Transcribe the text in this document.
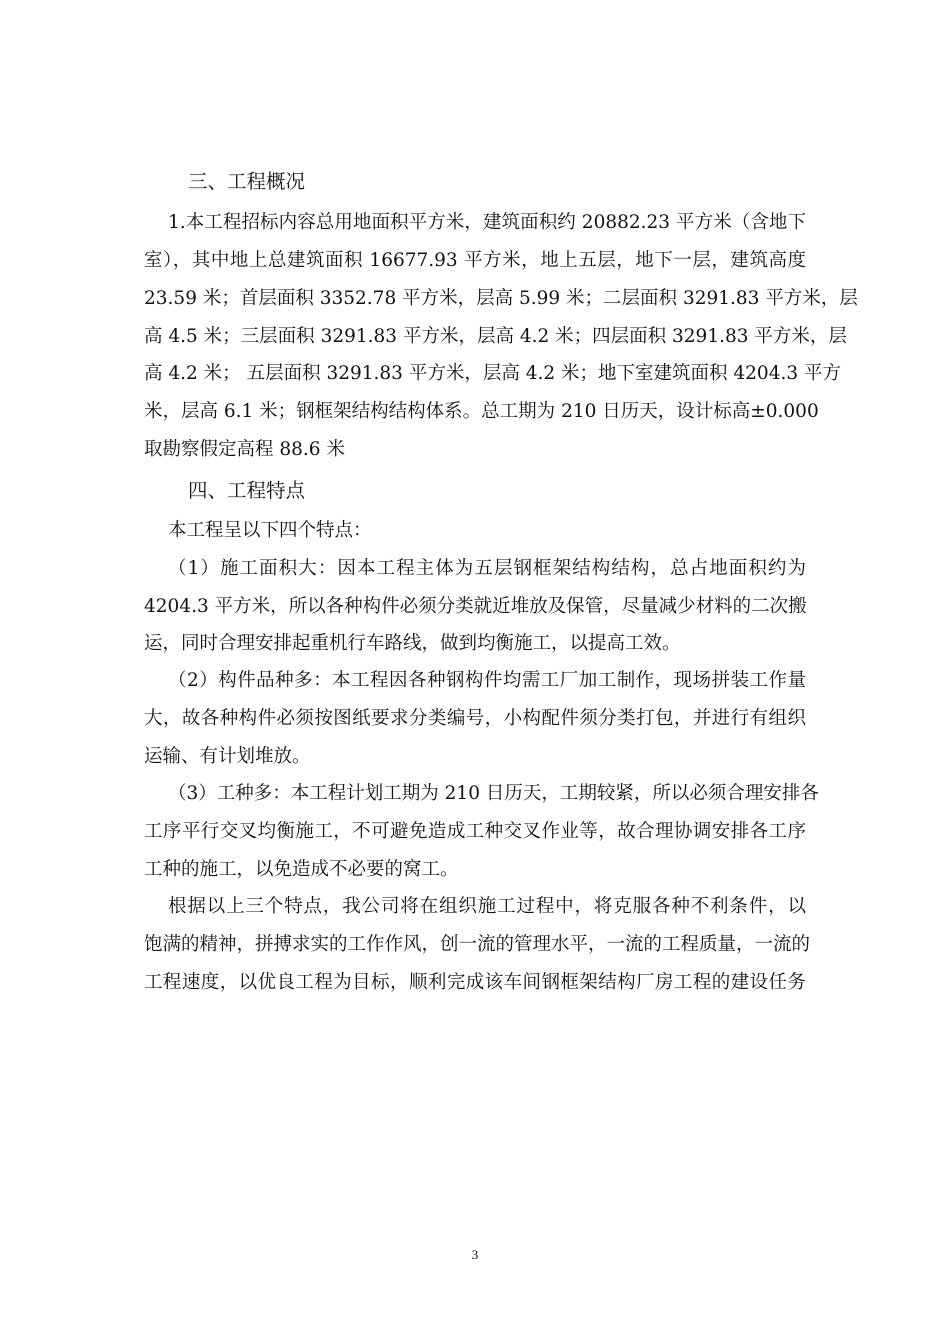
三、工程概况
1.本工程招标内容总用地面积平方米，建筑面积约 20882.23 平方米（含地下
室），其中地上总建筑面积 16677.93 平方米，地上五层，地下一层，建筑高度
23.59 米；首层面积 3352.78 平方米，层高 5.99 米；二层面积 3291.83 平方米，层
高 4.5 米；三层面积 3291.83 平方米，层高 4.2 米；四层面积 3291.83 平方米，层
高 4.2 米； 五层面积 3291.83 平方米，层高 4.2 米；地下室建筑面积 4204.3 平方
米，层高 6.1 米；钢框架结构结构体系。总工期为 210 日历天，设计标高±0.000
取勘察假定高程 88.6 米
四、工程特点
本工程呈以下四个特点：
（1）施工面积大：因本工程主体为五层钢框架结构结构，总占地面积约为
4204.3 平方米，所以各种构件必须分类就近堆放及保管，尽量减少材料的二次搬
运，同时合理安排起重机行车路线，做到均衡施工，以提高工效。
（2）构件品种多：本工程因各种钢构件均需工厂加工制作，现场拼装工作量
大，故各种构件必须按图纸要求分类编号，小构配件须分类打包，并进行有组织
运输、有计划堆放。
（3）工种多：本工程计划工期为 210 日历天，工期较紧，所以必须合理安排各
工序平行交叉均衡施工，不可避免造成工种交叉作业等，故合理协调安排各工序
工种的施工，以免造成不必要的窝工。
根据以上三个特点，我公司将在组织施工过程中，将克服各种不利条件，以
饱满的精神，拼搏求实的工作作风，创一流的管理水平，一流的工程质量，一流的
工程速度，以优良工程为目标，顺利完成该车间钢框架结构厂房工程的建设任务
3
